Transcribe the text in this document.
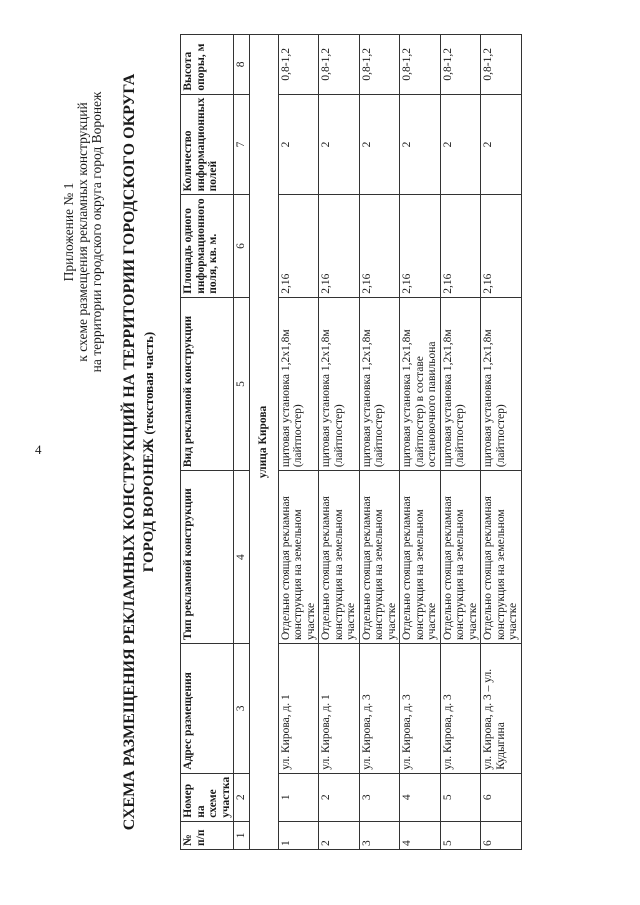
4
Приложение № 1 к схеме размещения рекламных конструкций на территории городского округа город Воронеж СХЕМА РАЗМЕЩЕНИЯ РЕКЛАМНЫХ КОНСТРУКЦИЙ НА ТЕРРИТОРИИ ГОРОДСКОГО ОКРУГА ГОРОД ВОРОНЕЖ (текстовая часть)
№ п/п	Номер на схеме участка	Адрес размещения	Тип рекламной конструкции	Вид рекламной конструкции	Площадь одного информационного поля, кв. м.	Количество информационных полей	Высота опоры, м
1	2	3	4	5	6	7	8
улица Кирова							
1	1	ул. Кирова, д. 1	Отдельно стоящая рекламная конструкция на земельном участке	щитовая установка 1,2х1,8м (лайтпостер)	2,16	2	0,8-1,2
2	2	ул. Кирова, д. 1	Отдельно стоящая рекламная конструкция на земельном участке	щитовая установка 1,2х1,8м (лайтпостер)	2,16	2	0,8-1,2
3	3	ул. Кирова, д. 3	Отдельно стоящая рекламная конструкция на земельном участке	щитовая установка 1,2х1,8м (лайтпостер)	2,16	2	0,8-1,2
4	4	ул. Кирова, д. 3	Отдельно стоящая рекламная конструкция на земельном участке	щитовая установка 1,2х1,8м (лайтпостер) в составе остановочного павильона	2,16	2	0,8-1,2
5	5	ул. Кирова, д. 3	Отдельно стоящая рекламная конструкция на земельном участке	щитовая установка 1,2х1,8м (лайтпостер)	2,16	2	0,8-1,2
6	6	ул. Кирова, д. 3 – ул. Кудыгина	Отдельно стоящая рекламная конструкция на земельном участке	щитовая установка 1,2х1,8м (лайтпостер)	2,16	2	0,8-1,2
